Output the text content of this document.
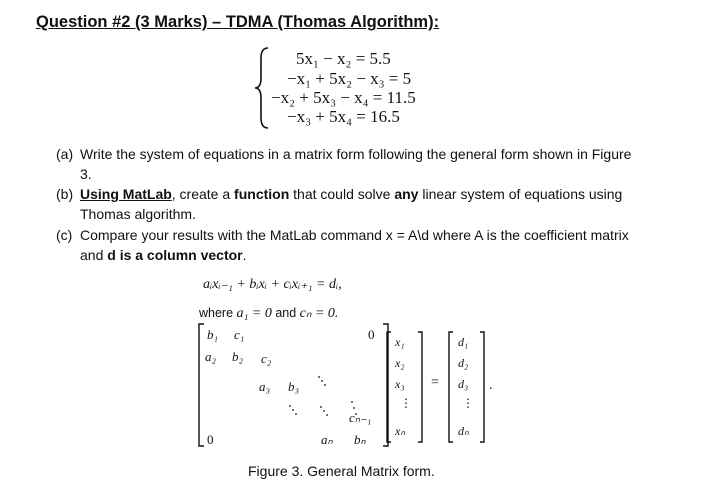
Question #2 (3 Marks) – TDMA (Thomas Algorithm):
5x₁ − x₂ = 5.5
−x₁ + 5x₂ − x₃ = 5
−x₂ + 5x₃ − x₄ = 11.5
−x₃ + 5x₄ = 16.5
(a) Write the system of equations in a matrix form following the general form shown in Figure
3.
(b) Using MatLab, create a function that could solve any linear system of equations using
Thomas algorithm.
(c) Compare your results with the MatLab command x = A\d where A is the coefficient matrix
and d is a column vector.
aᵢxᵢ₋₁ + bᵢxᵢ + cᵢxᵢ₊₁ = dᵢ,
where a₁ = 0 and cₙ = 0.
b₁ c₁	0
a₂ b₂ c₂
a₃ b₃
cₙ₋₁
0	aₙ bₙ
x₁
x₂
x₃
⋮
xₙ
=
d₁
d₂
d₃
⋮
dₙ
.
Figure 3. General Matrix form.
